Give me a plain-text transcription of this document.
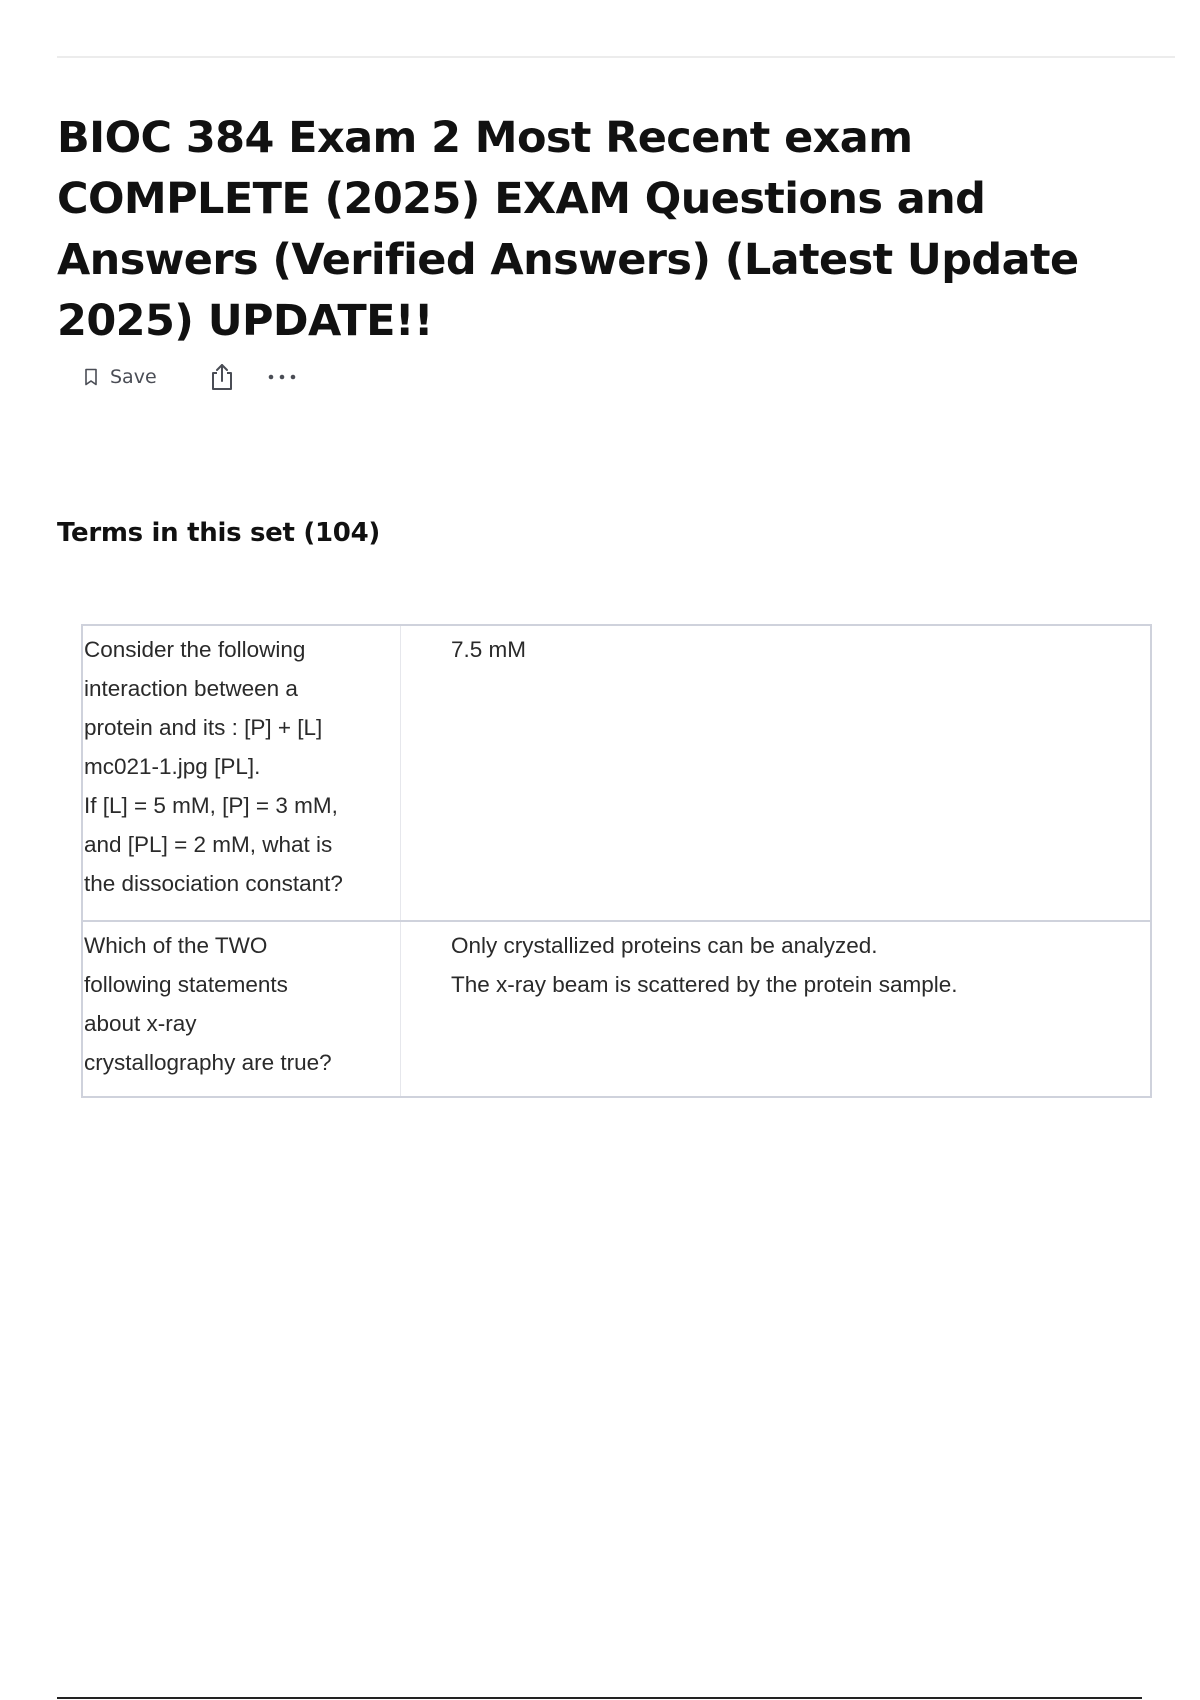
BIOC 384 Exam 2 Most Recent exam COMPLETE (2025) EXAM Questions and Answers (Verified Answers) (Latest Update 2025) UPDATE!!
Save
Terms in this set (104)
Consider the following
interaction between a
protein and its : [P] + [L]
mc021-1.jpg [PL].
If [L] = 5 mM, [P] = 3 mM,
and [PL] = 2 mM, what is
the dissociation constant?
7.5 mM
Which of the TWO
following statements
about x-ray
crystallography are true?
Only crystallized proteins can be analyzed.
The x-ray beam is scattered by the protein sample.
